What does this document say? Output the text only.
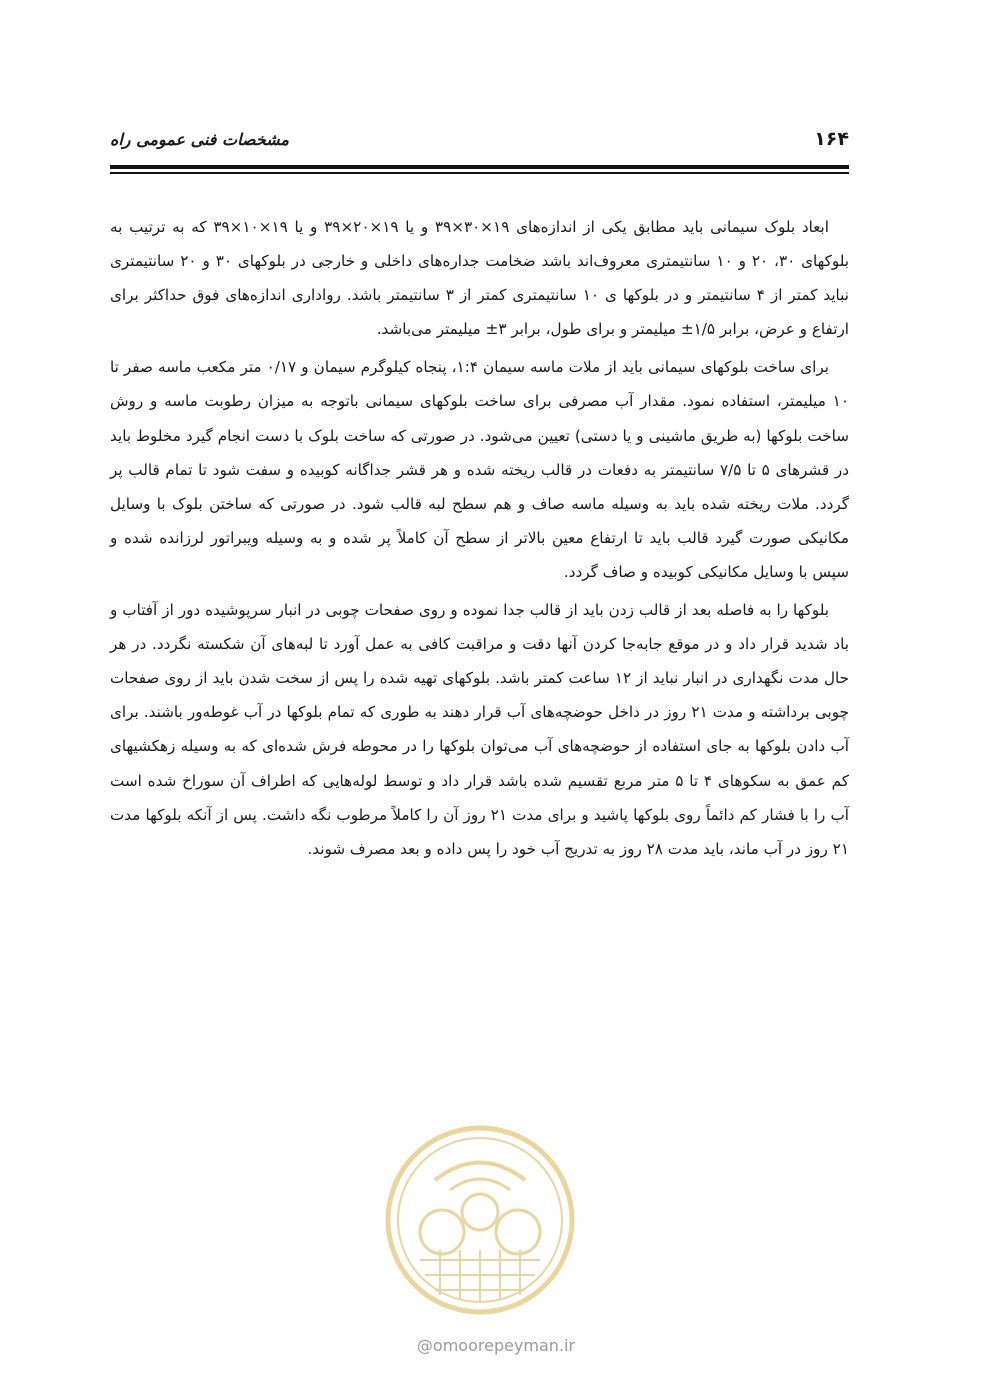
۱۶۴
مشخصات فنی عمومی راه

ابعاد بلوک سیمانی باید مطابق یکی از اندازه‌های ۱۹×۳۰×۳۹ و یا ۱۹×۲۰×۳۹ و یا ۱۹×۱۰×۳۹ که به ترتیب به بلوکهای ۳۰، ۲۰ و ۱۰ سانتیمتری معروف‌اند باشد ضخامت جداره‌های داخلی و خارجی در بلوکهای ۳۰ و ۲۰ سانتیمتری نباید کمتر از ۴ سانتیمتر و در بلوکها ی ۱۰ سانتیمتری کمتر از ۳ سانتیمتر باشد. رواداری اندازه‌های فوق حداکثر برای ارتفاع و عرض، برابر ۱/۵± میلیمتر و برای طول، برابر ۳± میلیمتر می‌باشد.

برای ساخت بلوکهای سیمانی باید از ملات ماسه سیمان ۱:۴، پنجاه کیلوگرم سیمان و ۰/۱۷ متر مکعب ماسه صفر تا ۱۰ میلیمتر، استفاده نمود. مقدار آب مصرفی برای ساخت بلوکهای سیمانی باتوجه به میزان رطوبت ماسه و روش ساخت بلوکها (به طریق ماشینی و یا دستی) تعیین می‌شود. در صورتی که ساخت بلوک با دست انجام گیرد مخلوط باید در قشرهای ۵ تا ۷/۵ سانتیمتر به دفعات در قالب ریخته شده و هر قشر جداگانه کوبیده و سفت شود تا تمام قالب پر گردد. ملات ریخته شده باید به وسیله ماسه صاف و هم سطح لبه قالب شود. در صورتی که ساختن بلوک با وسایل مکانیکی صورت گیرد قالب باید تا ارتفاع معین بالاتر از سطح آن کاملاً پر شده و به وسیله ویبراتور لرزانده شده و سپس با وسایل مکانیکی کوبیده و صاف گردد.

بلوکها را به فاصله بعد از قالب زدن باید از قالب جدا نموده و روی صفحات چوبی در انبار سرپوشیده دور از آفتاب و باد شدید قرار داد و در موقع جابه‌جا کردن آنها دقت و مراقبت کافی به عمل آورد تا لبه‌های آن شکسته نگردد. در هر حال مدت نگهداری در انبار نباید از ۱۲ ساعت کمتر باشد. بلوکهای تهیه شده را پس از سخت شدن باید از روی صفحات چوبی برداشته و مدت ۲۱ روز در داخل حوضچه‌های آب قرار دهند به طوری که تمام بلوکها در آب غوطه‌ور باشند. برای آب دادن بلوکها به جای استفاده از حوضچه‌های آب می‌توان بلوکها را در محوطه فرش شده‌ای که به وسیله زهکشیهای کم عمق به سکوهای ۴ تا ۵ متر مربع تقسیم شده باشد قرار داد و توسط لوله‌هایی که اطراف آن سوراخ شده است آب را با فشار کم دائماً روی بلوکها پاشید و برای مدت ۲۱ روز آن را کاملاً مرطوب نگه داشت. پس از آنکه بلوکها مدت ۲۱ روز در آب ماند، باید مدت ۲۸ روز به تدریج آب خود را پس داده و بعد مصرف شوند.

@omoorepeyman.ir
